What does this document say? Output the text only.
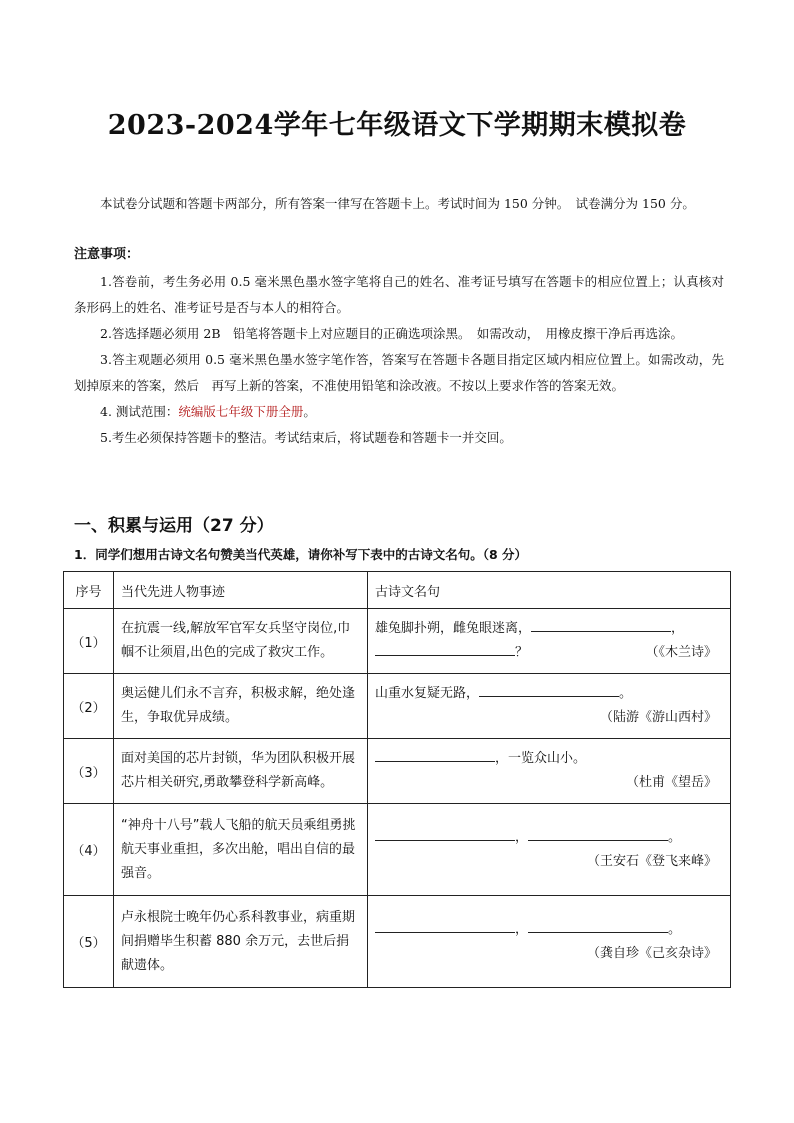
2023-2024学年七年级语文下学期期末模拟卷
本试卷分试题和答题卡两部分，所有答案一律写在答题卡上。考试时间为 150 分钟。　试卷满分为 150 分。
注意事项：

1.答卷前，考生务必用 0.5 毫米黑色墨水签字笔将自己的姓名、准考证号填写在答题卡的相应位置上；认真核对条形码上的姓名、准考证号是否与本人的相符合。

2.答选择题必须用 2B　铅笔将答题卡上对应题目的正确选项涂黑。　如需改动，　用橡皮擦干净后再选涂。

3.答主观题必须用 0.5 毫米黑色墨水签字笔作答，答案写在答题卡各题目指定区域内相应位置上。如需改动，先划掉原来的答案，然后　再写上新的答案，不准使用铅笔和涂改液。不按以上要求作答的答案无效。

4. 测试范围：统编版七年级下册全册。

5.考生必须保持答题卡的整洁。考试结束后，将试题卷和答题卡一并交回。

一、积累与运用（27 分）
1．同学们想用古诗文名句赞美当代英雄，请你补写下表中的古诗文名句。（8 分）
序号	当代先进人物事迹	古诗文名句
（1）	在抗震一线,解放军官军女兵坚守岗位,巾帼不让须眉,出色的完成了救灾工作。	雄兔脚扑朔，雌兔眼迷离， ，
？ （《木兰诗》

（2）	奥运健儿们永不言弃，积极求解，绝处逢生，争取优异成绩。	山重水复疑无路， 。
（陆游《游山西村》

（3）	面对美国的芯片封锁，华为团队积极开展芯片相关研究,勇敢攀登科学新高峰。	，一览众山小。
（杜甫《望岳》

（4）	“神舟十八号”载人飞船的航天员乘组勇挑航天事业重担，多次出舱，唱出自信的最强音。	， 。
（王安石《登飞来峰》

（5）	卢永根院士晚年仍心系科教事业，病重期间捐赠毕生积蓄 880 余万元，去世后捐献遗体。	， 。
（龚自珍《己亥杂诗》
